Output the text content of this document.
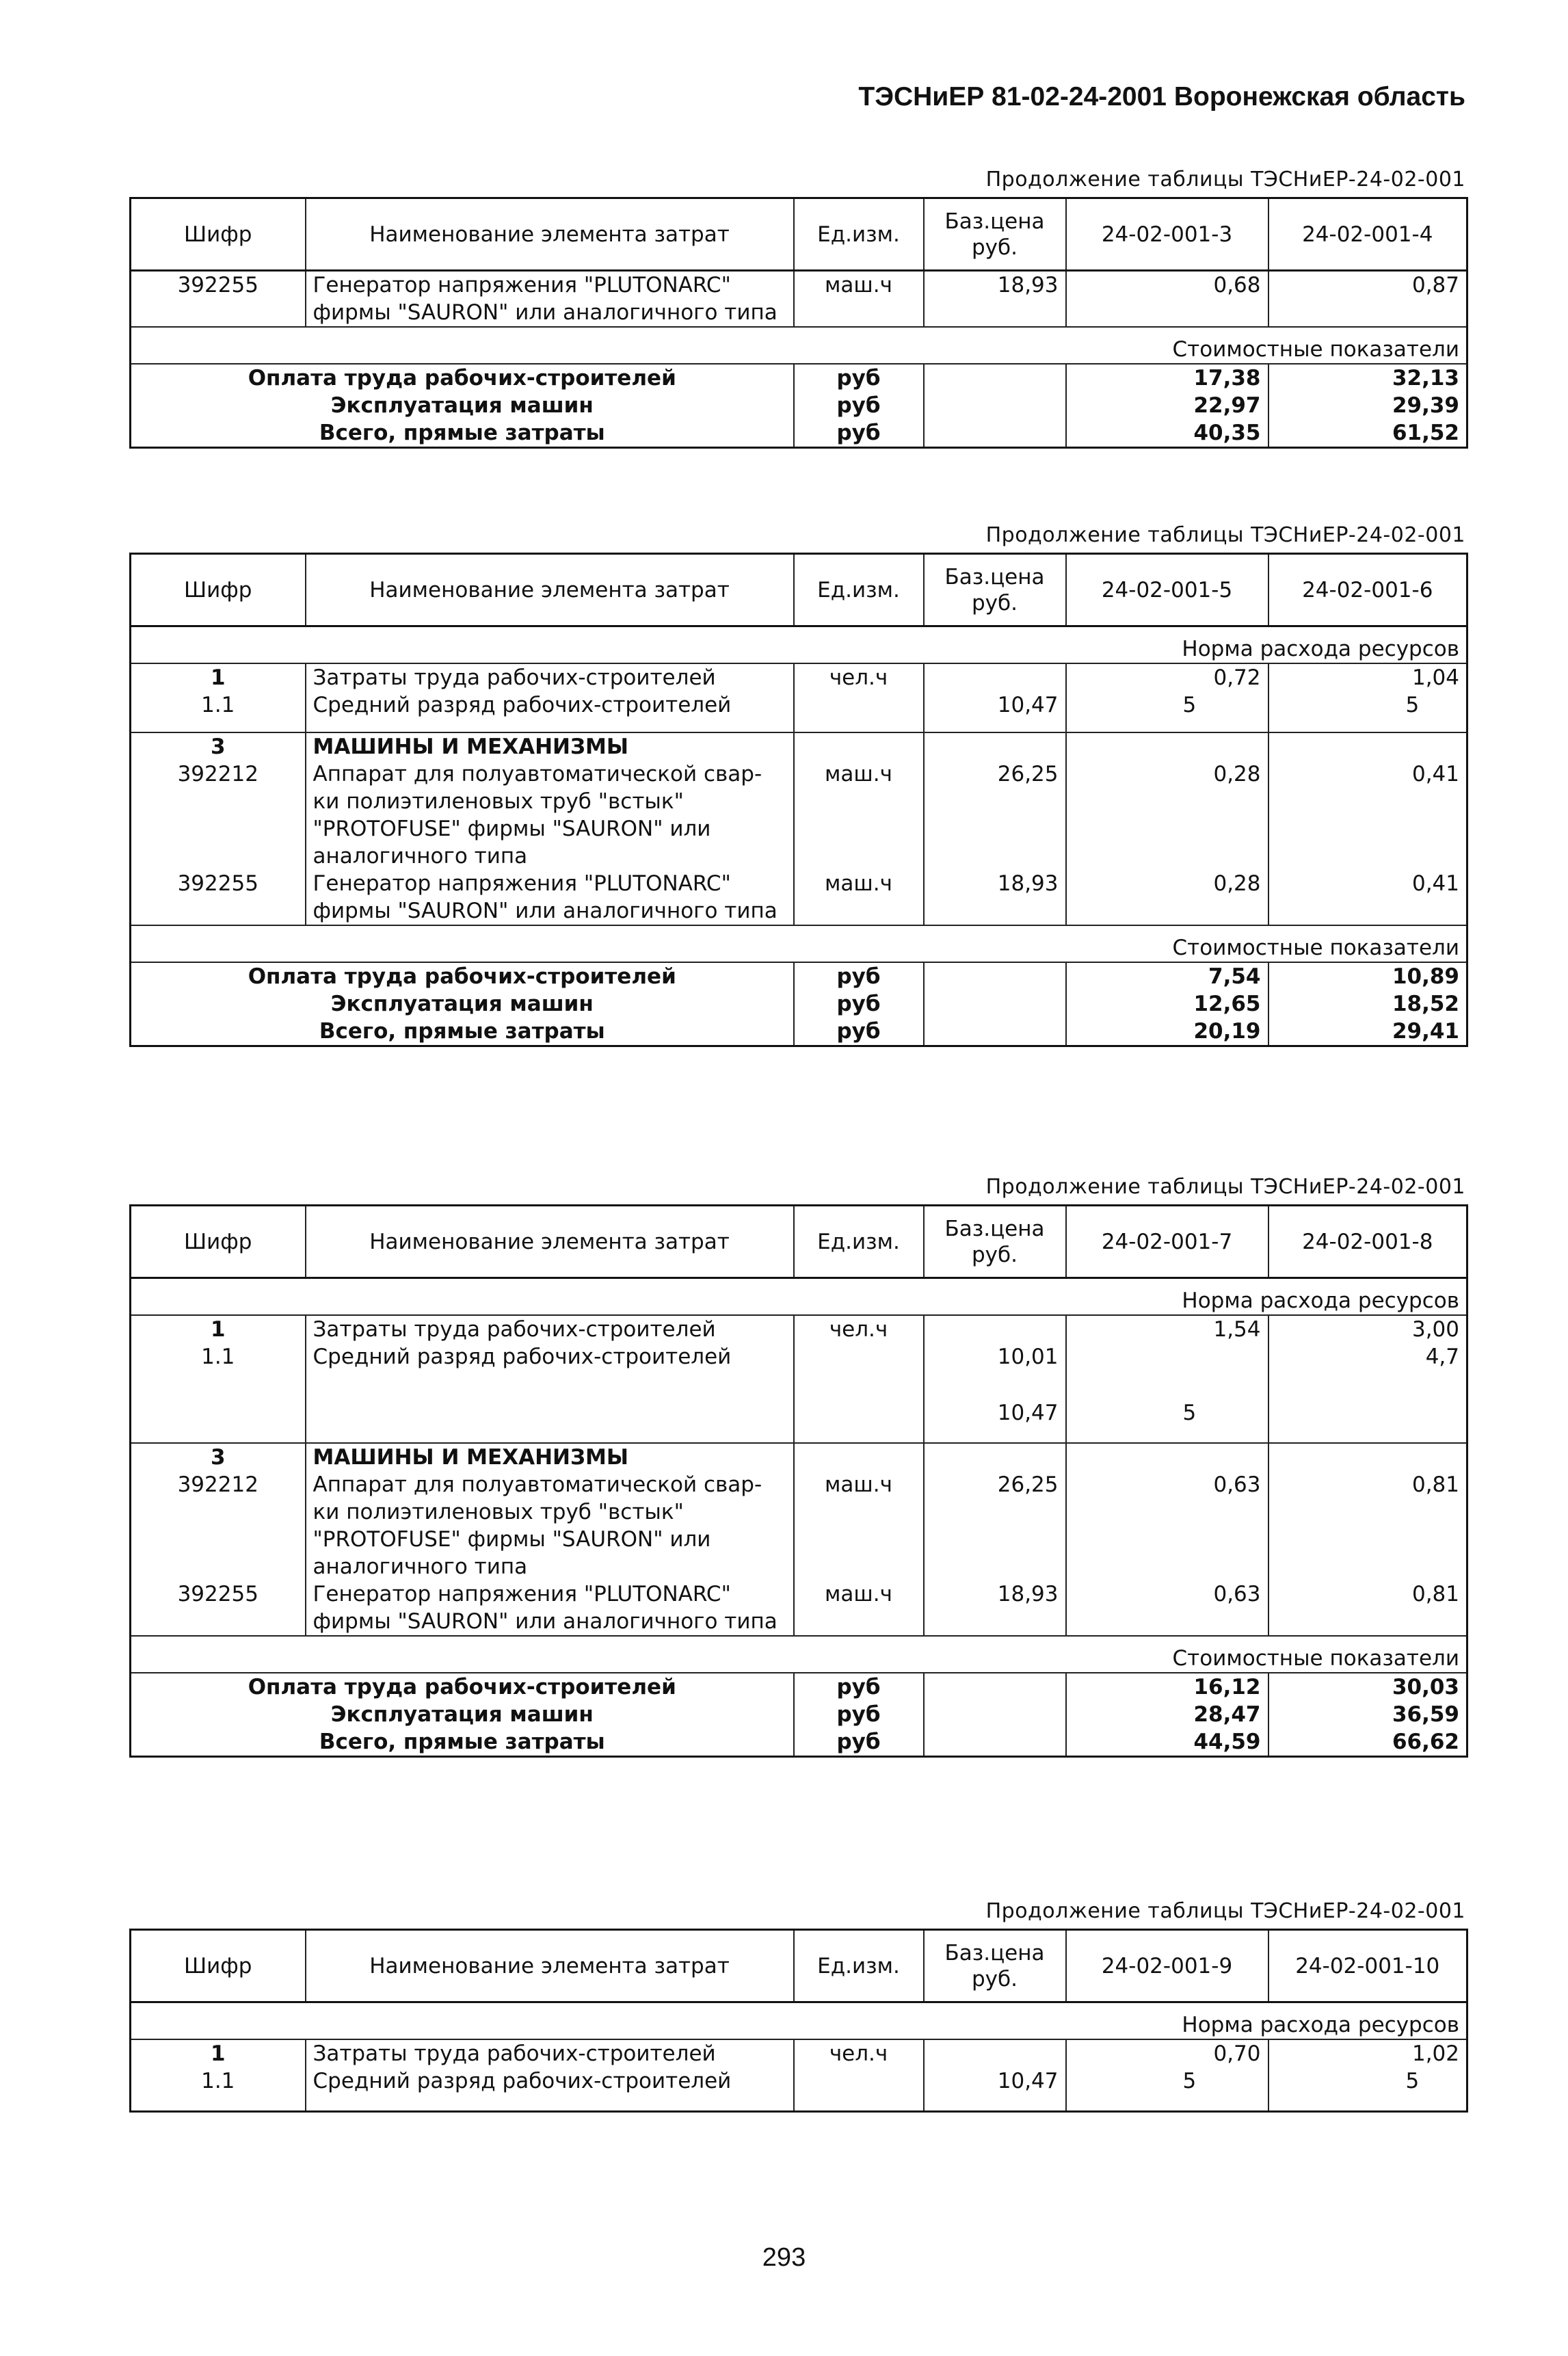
ТЭСНиЕР 81-02-24-2001 Воронежская область
Продолжение таблицы ТЭСНиЕР-24-02-001
Шифр	Наименование элемента затрат	Ед.изм.	Баз.цена руб.	24-02-001-3	24-02-001-4
392255	Генератор напряжения "PLUTONARC" фирмы "SAURON" или аналогичного типа	маш.ч	18,93	0,68	0,87
Стоимостные показатели					
Оплата труда рабочих-строителей		руб		17,38	32,13
Эксплуатация машин		руб		22,97	29,39
Всего, прямые затраты		руб		40,35	61,52
Продолжение таблицы ТЭСНиЕР-24-02-001
Шифр	Наименование элемента затрат	Ед.изм.	Баз.цена руб.	24-02-001-5	24-02-001-6
Норма расхода ресурсов					
1	Затраты труда рабочих-строителей	чел.ч		0,72	1,04
1.1	Средний разряд рабочих-строителей		10,47	5	5
3	МАШИНЫ И МЕХАНИЗМЫ				
392212	Аппарат для полуавтоматической свар- ки полиэтиленовых труб "встык" "PROTOFUSE" фирмы "SAURON" или аналогичного типа	маш.ч	26,25	0,28	0,41
392255	Генератор напряжения "PLUTONARC" фирмы "SAURON" или аналогичного типа	маш.ч	18,93	0,28	0,41
Стоимостные показатели					
Оплата труда рабочих-строителей		руб		7,54	10,89
Эксплуатация машин		руб		12,65	18,52
Всего, прямые затраты		руб		20,19	29,41
Продолжение таблицы ТЭСНиЕР-24-02-001
Шифр	Наименование элемента затрат	Ед.изм.	Баз.цена руб.	24-02-001-7	24-02-001-8
Норма расхода ресурсов					
1	Затраты труда рабочих-строителей	чел.ч		1,54	3,00
1.1	Средний разряд рабочих-строителей		10,01		4,7
			10,47	5	
3	МАШИНЫ И МЕХАНИЗМЫ				
392212	Аппарат для полуавтоматической свар- ки полиэтиленовых труб "встык" "PROTOFUSE" фирмы "SAURON" или аналогичного типа	маш.ч	26,25	0,63	0,81
392255	Генератор напряжения "PLUTONARC" фирмы "SAURON" или аналогичного типа	маш.ч	18,93	0,63	0,81
Стоимостные показатели					
Оплата труда рабочих-строителей		руб		16,12	30,03
Эксплуатация машин		руб		28,47	36,59
Всего, прямые затраты		руб		44,59	66,62
Продолжение таблицы ТЭСНиЕР-24-02-001
Шифр	Наименование элемента затрат	Ед.изм.	Баз.цена руб.	24-02-001-9	24-02-001-10
Норма расхода ресурсов					
1	Затраты труда рабочих-строителей	чел.ч		0,70	1,02
1.1	Средний разряд рабочих-строителей		10,47	5	5
293
